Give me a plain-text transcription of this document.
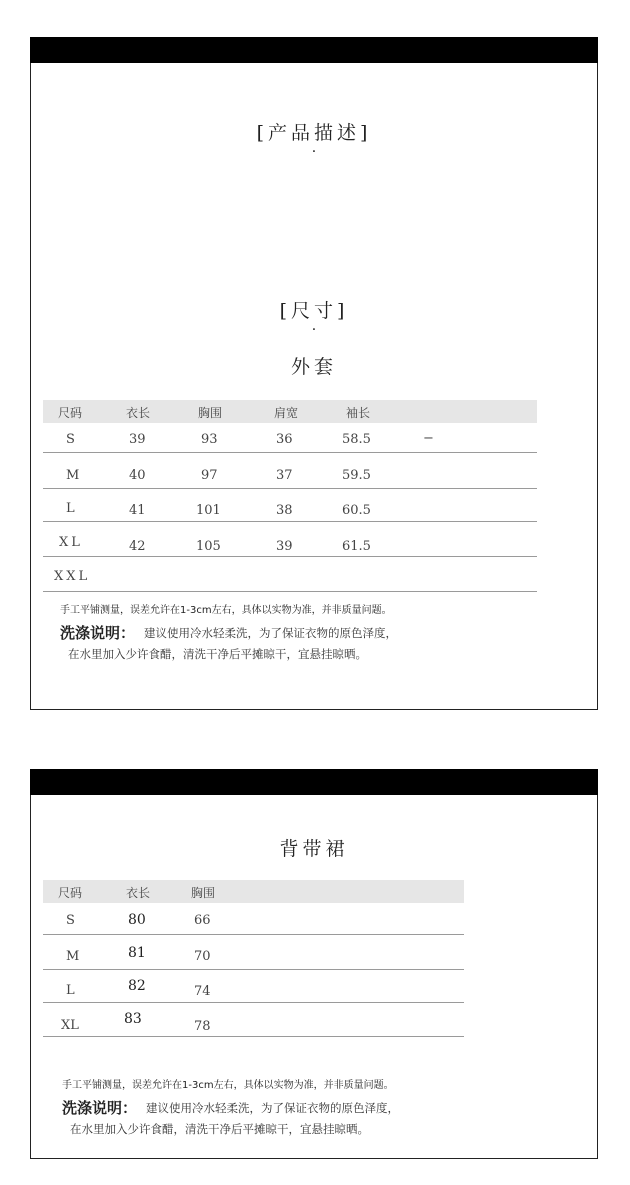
[产品描述]
·
[尺寸]
·
外套
尺码	衣长	胸围	肩宽	袖长
S	39	93	36	58.5	−
M	40	97	37	59.5
L	41	101	38	60.5
XL	42	105	39	61.5
XXL
手工平铺测量，误差允许在1-3cm左右，具体以实物为准，并非质量问题。
洗涤说明： 建议使用冷水轻柔洗，为了保证衣物的原色泽度，
在水里加入少许食醋，清洗干净后平摊晾干，宜悬挂晾晒。
背带裙
尺码	衣长	胸围
S	80	66
M	81	70
L	82	74
XL	83	78
手工平铺测量，误差允许在1-3cm左右，具体以实物为准，并非质量问题。
洗涤说明： 建议使用冷水轻柔洗，为了保证衣物的原色泽度，
在水里加入少许食醋，清洗干净后平摊晾干，宜悬挂晾晒。
